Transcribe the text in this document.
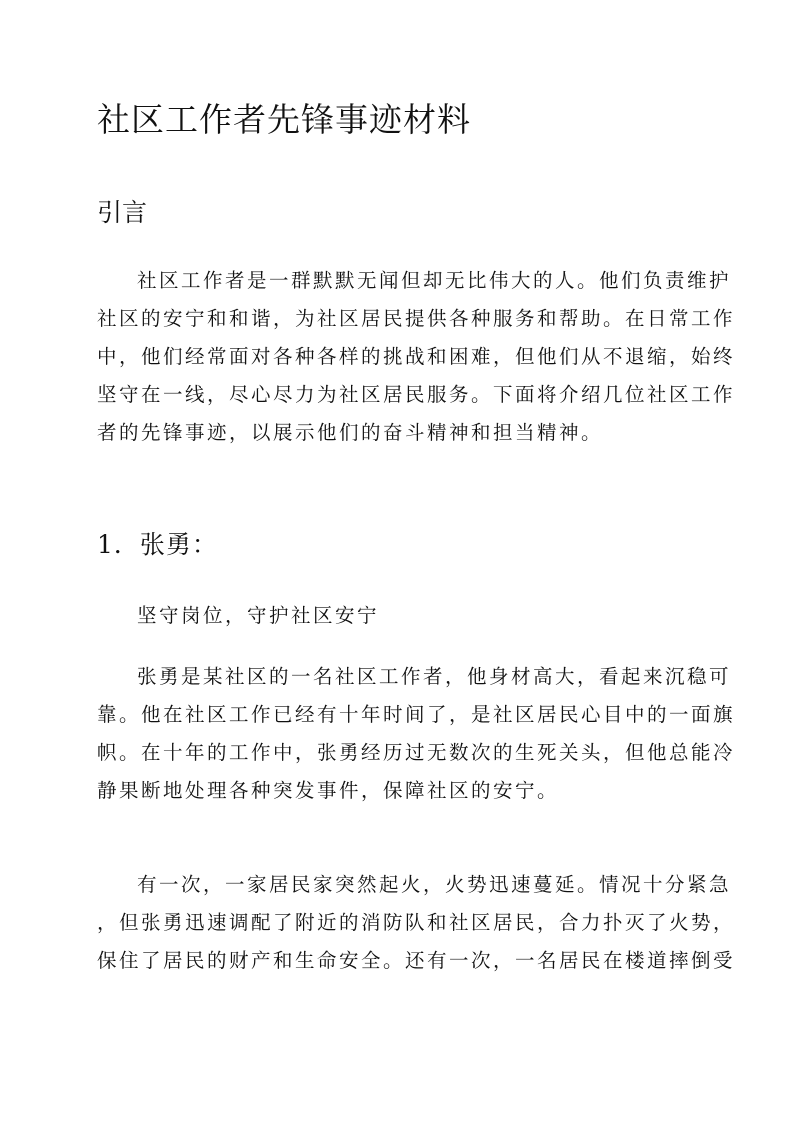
社区工作者先锋事迹材料
引言

社区工作者是一群默默无闻但却无比伟大的人。他们负责维护
社区的安宁和和谐，为社区居民提供各种服务和帮助。在日常工作
中，他们经常面对各种各样的挑战和困难，但他们从不退缩，始终
坚守在一线，尽心尽力为社区居民服务。下面将介绍几位社区工作
者的先锋事迹，以展示他们的奋斗精神和担当精神。

1．张勇：

坚守岗位，守护社区安宁

张勇是某社区的一名社区工作者，他身材高大，看起来沉稳可
靠。他在社区工作已经有十年时间了，是社区居民心目中的一面旗
帜。在十年的工作中，张勇经历过无数次的生死关头，但他总能冷
静果断地处理各种突发事件，保障社区的安宁。

有一次，一家居民家突然起火，火势迅速蔓延。情况十分紧急
，但张勇迅速调配了附近的消防队和社区居民，合力扑灭了火势，
保住了居民的财产和生命安全。还有一次，一名居民在楼道摔倒受
